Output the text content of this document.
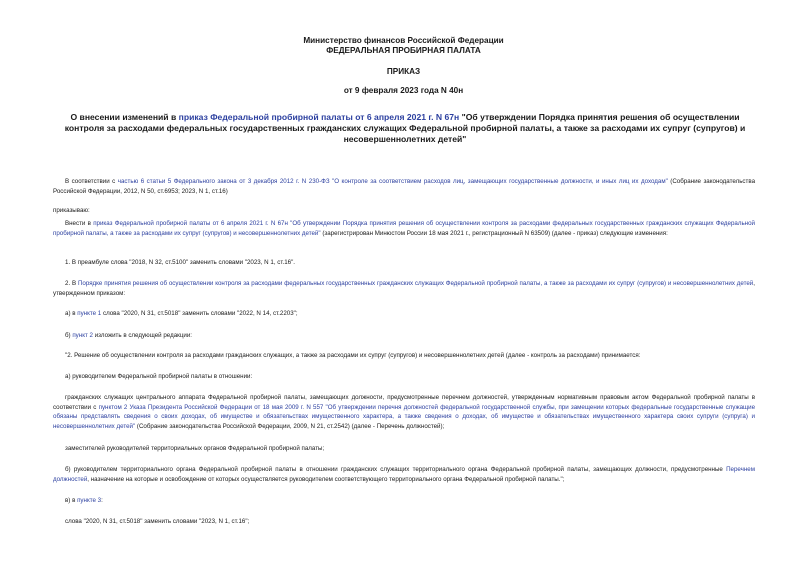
Министерство финансов Российской Федерации
ФЕДЕРАЛЬНАЯ ПРОБИРНАЯ ПАЛАТА
ПРИКАЗ
от 9 февраля 2023 года N 40н
О внесении изменений в приказ Федеральной пробирной палаты от 6 апреля 2021 г. N 67н "Об утверждении Порядка принятия решения об осуществлении контроля за расходами федеральных государственных гражданских служащих Федеральной пробирной палаты, а также за расходами их супруг (супругов) и несовершеннолетних детей"
В соответствии с частью 6 статьи 5 Федерального закона от 3 декабря 2012 г. N 230-ФЗ "О контроле за соответствием расходов лиц, замещающих государственные должности, и иных лиц их доходам" (Собрание законодательства Российской Федерации, 2012, N 50, ст.6953; 2023, N 1, ст.16)
приказываю:
Внести в приказ Федеральной пробирной палаты от 6 апреля 2021 г. N 67н "Об утверждении Порядка принятия решения об осуществлении контроля за расходами федеральных государственных гражданских служащих Федеральной пробирной палаты, а также за расходами их супруг (супругов) и несовершеннолетних детей" (зарегистрирован Минюстом России 18 мая 2021 г., регистрационный N 63509) (далее - приказ) следующие изменения:
1. В преамбуле слова "2018, N 32, ст.5100" заменить словами "2023, N 1, ст.16".
2. В Порядке принятия решения об осуществлении контроля за расходами федеральных государственных гражданских служащих Федеральной пробирной палаты, а также за расходами их супруг (супругов) и несовершеннолетних детей, утвержденном приказом:
а) в пункте 1 слова "2020, N 31, ст.5018" заменить словами "2022, N 14, ст.2203";
б) пункт 2 изложить в следующей редакции:
"2. Решение об осуществлении контроля за расходами гражданских служащих, а также за расходами их супруг (супругов) и несовершеннолетних детей (далее - контроль за расходами) принимается:
а) руководителем Федеральной пробирной палаты в отношении:
гражданских служащих центрального аппарата Федеральной пробирной палаты, замещающих должности, предусмотренные перечнем должностей, утвержденным нормативным правовым актом Федеральной пробирной палаты в соответствии с пунктом 2 Указа Президента Российской Федерации от 18 мая 2009 г. N 557 "Об утверждении перечня должностей федеральной государственной службы, при замещении которых федеральные государственные служащие обязаны представлять сведения о своих доходах, об имуществе и обязательствах имущественного характера, а также сведения о доходах, об имуществе и обязательствах имущественного характера своих супруги (супруга) и несовершеннолетних детей" (Собрание законодательства Российской Федерации, 2009, N 21, ст.2542) (далее - Перечень должностей);
заместителей руководителей территориальных органов Федеральной пробирной палаты;
б) руководителем территориального органа Федеральной пробирной палаты в отношении гражданских служащих территориального органа Федеральной пробирной палаты, замещающих должности, предусмотренные Перечнем должностей, назначение на которые и освобождение от которых осуществляется руководителем соответствующего территориального органа Федеральной пробирной палаты.";
в) в пункте 3:
слова "2020, N 31, ст.5018" заменить словами "2023, N 1, ст.16";
